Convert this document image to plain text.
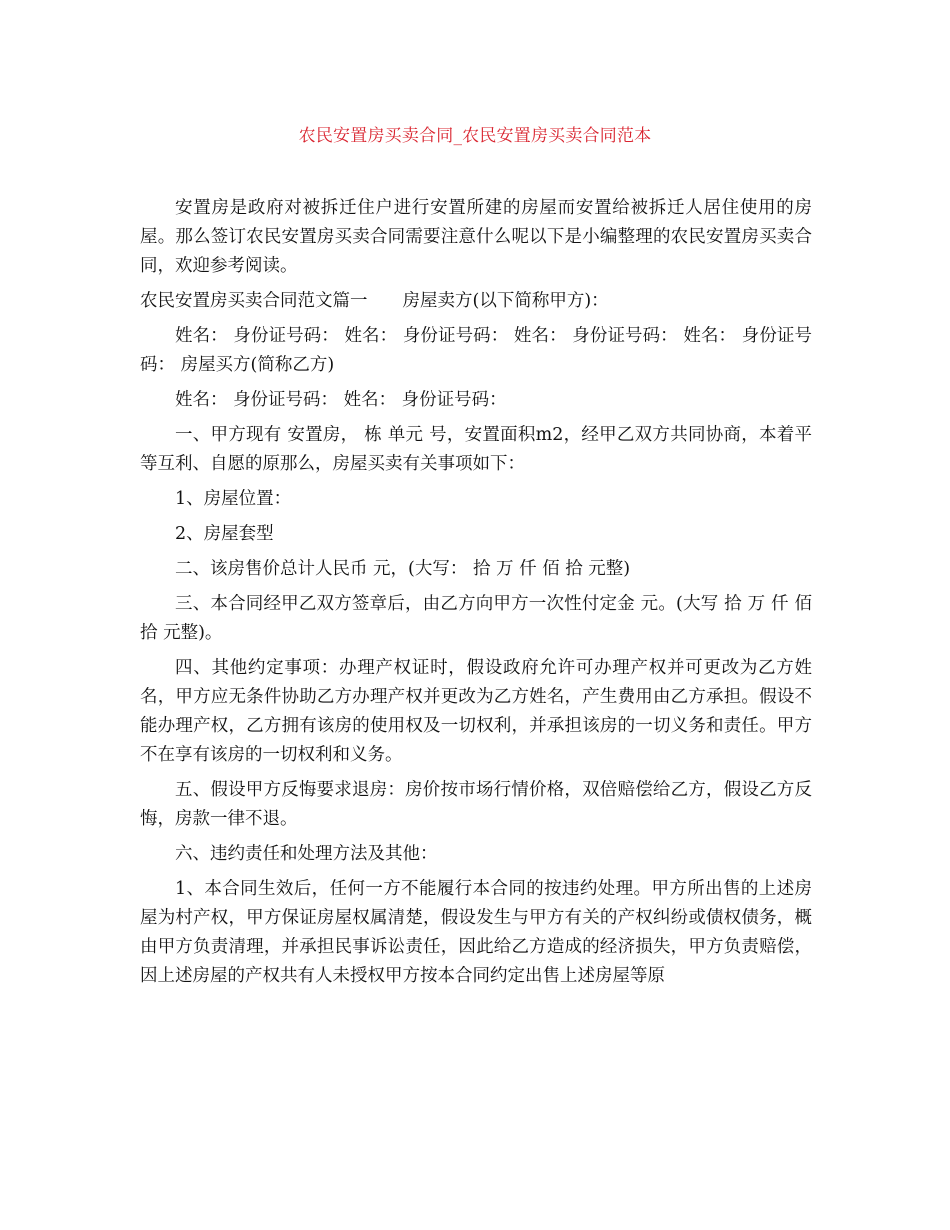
农民安置房买卖合同_农民安置房买卖合同范本

安置房是政府对被拆迁住户进行安置所建的房屋而安置给被拆迁人居住使用的房屋。那么签订农民安置房买卖合同需要注意什么呢以下是小编整理的农民安置房买卖合同，欢迎参考阅读。

农民安置房买卖合同范文篇一　　房屋卖方(以下简称甲方)：

姓名： 身份证号码： 姓名： 身份证号码： 姓名： 身份证号码： 姓名： 身份证号码： 房屋买方(简称乙方)

姓名： 身份证号码： 姓名： 身份证号码：

一、甲方现有 安置房， 栋 单元 号，安置面积m2，经甲乙双方共同协商，本着平等互利、自愿的原那么，房屋买卖有关事项如下：

1、房屋位置：

2、房屋套型

二、该房售价总计人民币 元，(大写： 拾 万 仟 佰 拾 元整)

三、本合同经甲乙双方签章后，由乙方向甲方一次性付定金 元。(大写 拾 万 仟 佰 拾 元整)。

四、其他约定事项：办理产权证时，假设政府允许可办理产权并可更改为乙方姓名，甲方应无条件协助乙方办理产权并更改为乙方姓名，产生费用由乙方承担。假设不能办理产权，乙方拥有该房的使用权及一切权利，并承担该房的一切义务和责任。甲方不在享有该房的一切权利和义务。

五、假设甲方反悔要求退房：房价按市场行情价格，双倍赔偿给乙方，假设乙方反悔，房款一律不退。

六、违约责任和处理方法及其他：

1、本合同生效后，任何一方不能履行本合同的按违约处理。甲方所出售的上述房屋为村产权，甲方保证房屋权属清楚，假设发生与甲方有关的产权纠纷或债权债务，概由甲方负责清理，并承担民事诉讼责任，因此给乙方造成的经济损失，甲方负责赔偿，因上述房屋的产权共有人未授权甲方按本合同约定出售上述房屋等原
